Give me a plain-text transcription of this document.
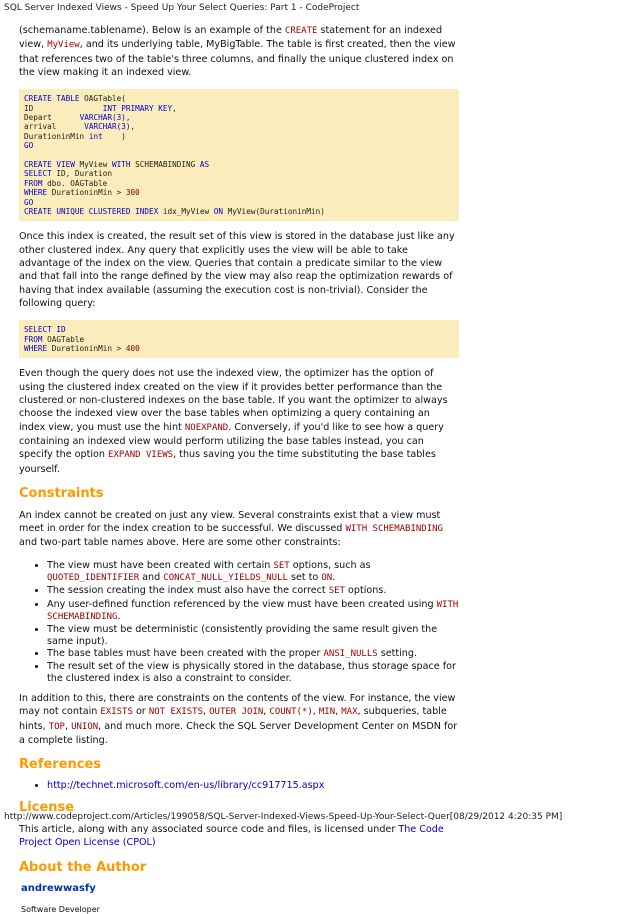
SQL Server Indexed Views - Speed Up Your Select Queries: Part 1 - CodeProject

(schemaname.tablename). Below is an example of the CREATE statement for an indexed view, MyView, and its underlying table, MyBigTable. The table is first created, then the view that references two of the table's three columns, and finally the unique clustered index on the view making it an indexed view.

CREATE TABLE OAGTable(
ID	INT PRIMARY KEY,
Depart	VARCHAR(3),
arrival	VARCHAR(3),
DurationinMin int    )
GO

CREATE VIEW MyView WITH SCHEMABINDING AS
SELECT ID, Duration
FROM dbo. OAGTable
WHERE DurationinMin > 300
GO
CREATE UNIQUE CLUSTERED INDEX idx_MyView ON MyView(DurationinMin)

Once this index is created, the result set of this view is stored in the database just like any other clustered index. Any query that explicitly uses the view will be able to take advantage of the index on the view. Queries that contain a predicate similar to the view and that fall into the range defined by the view may also reap the optimization rewards of having that index available (assuming the execution cost is non-trivial). Consider the following query:

SELECT ID
FROM OAGTable
WHERE DurationinMin > 400

Even though the query does not use the indexed view, the optimizer has the option of using the clustered index created on the view if it provides better performance than the clustered or non-clustered indexes on the base table. If you want the optimizer to always choose the indexed view over the base tables when optimizing a query containing an index view, you must use the hint NOEXPAND. Conversely, if you'd like to see how a query containing an indexed view would perform utilizing the base tables instead, you can specify the option EXPAND VIEWS, thus saving you the time substituting the base tables yourself.

Constraints

An index cannot be created on just any view. Several constraints exist that a view must meet in order for the index creation to be successful. We discussed WITH SCHEMABINDING and two-part table names above. Here are some other constraints:

• The view must have been created with certain SET options, such as QUOTED_IDENTIFIER and CONCAT_NULL_YIELDS_NULL set to ON.
• The session creating the index must also have the correct SET options.
• Any user-defined function referenced by the view must have been created using WITH SCHEMABINDING.
• The view must be deterministic (consistently providing the same result given the same input).
• The base tables must have been created with the proper ANSI_NULLS setting.
• The result set of the view is physically stored in the database, thus storage space for the clustered index is also a constraint to consider.

In addition to this, there are constraints on the contents of the view. For instance, the view may not contain EXISTS or NOT EXISTS, OUTER JOIN, COUNT(*), MIN, MAX, subqueries, table hints, TOP, UNION, and much more. Check the SQL Server Development Center on MSDN for a complete listing.

References
• http://technet.microsoft.com/en-us/library/cc917715.aspx
License

This article, along with any associated source code and files, is licensed under The Code Project Open License (CPOL)

About the Author
andrewwasfy
Software Developer
http://www.codeproject.com/Articles/199058/SQL-Server-Indexed-Views-Speed-Up-Your-Select-Quer[08/29/2012 4:20:35 PM]
